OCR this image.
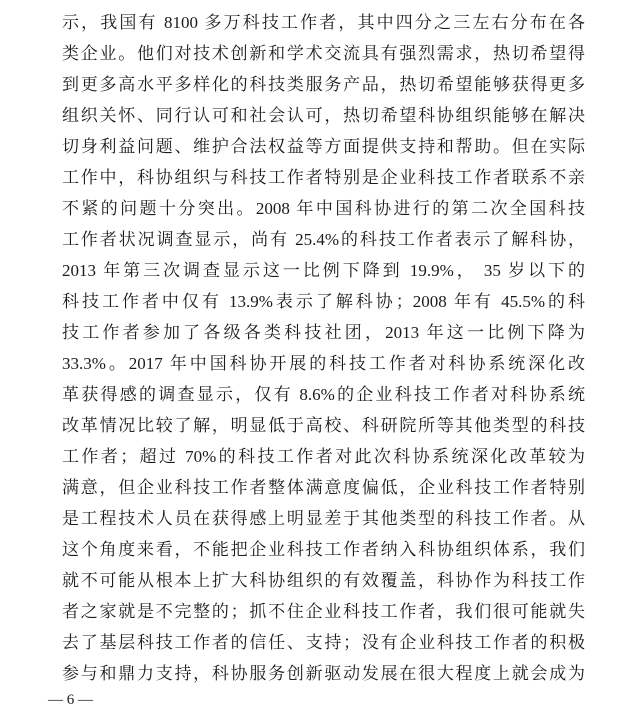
示，我国有 8100 多万科技工作者，其中四分之三左右分布在各
类企业。他们对技术创新和学术交流具有强烈需求，热切希望得
到更多高水平多样化的科技类服务产品，热切希望能够获得更多
组织关怀、同行认可和社会认可，热切希望科协组织能够在解决
切身利益问题、维护合法权益等方面提供支持和帮助。但在实际
工作中，科协组织与科技工作者特别是企业科技工作者联系不亲
不紧的问题十分突出。2008 年中国科协进行的第二次全国科技
工作者状况调查显示，尚有 25.4%的科技工作者表示了解科协，
2013 年第三次调查显示这一比例下降到 19.9%， 35 岁以下的
科技工作者中仅有 13.9%表示了解科协；2008 年有 45.5%的科
技工作者参加了各级各类科技社团，2013 年这一比例下降为
33.3%。2017 年中国科协开展的科技工作者对科协系统深化改
革获得感的调查显示，仅有 8.6%的企业科技工作者对科协系统
改革情况比较了解，明显低于高校、科研院所等其他类型的科技
工作者；超过 70%的科技工作者对此次科协系统深化改革较为
满意，但企业科技工作者整体满意度偏低，企业科技工作者特别
是工程技术人员在获得感上明显差于其他类型的科技工作者。从
这个角度来看，不能把企业科技工作者纳入科协组织体系，我们
就不可能从根本上扩大科协组织的有效覆盖，科协作为科技工作
者之家就是不完整的；抓不住企业科技工作者，我们很可能就失
去了基层科技工作者的信任、支持；没有企业科技工作者的积极
参与和鼎力支持，科协服务创新驱动发展在很大程度上就会成为
— 6 —
